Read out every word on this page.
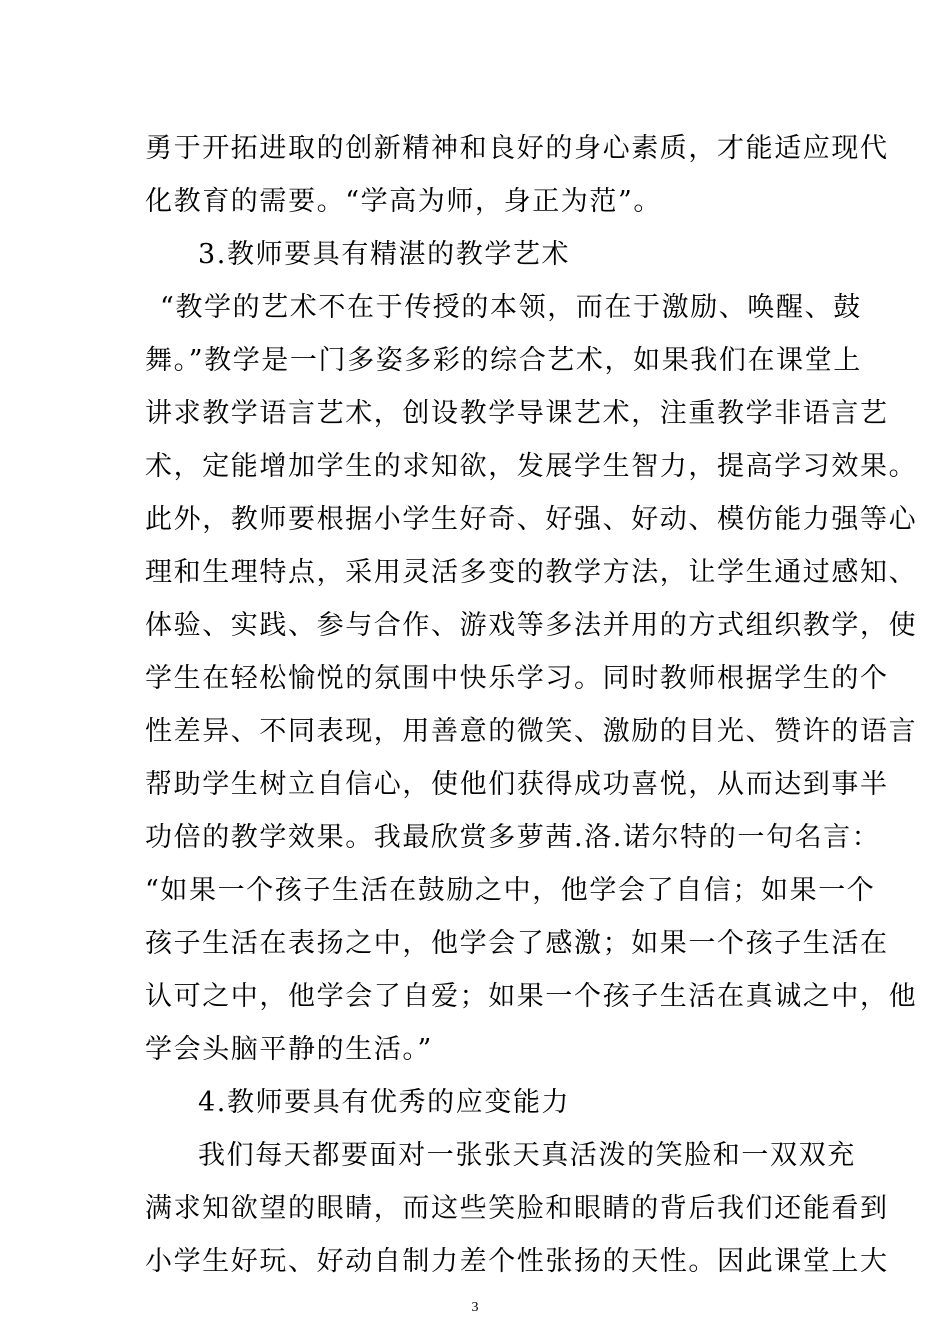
勇于开拓进取的创新精神和良好的身心素质，才能适应现代
化教育的需要。“学高为师，身正为范”。
3.教师要具有精湛的教学艺术
“教学的艺术不在于传授的本领，而在于激励、唤醒、鼓
舞。”教学是一门多姿多彩的综合艺术，如果我们在课堂上
讲求教学语言艺术，创设教学导课艺术，注重教学非语言艺
术，定能增加学生的求知欲，发展学生智力，提高学习效果。
此外，教师要根据小学生好奇、好强、好动、模仿能力强等心
理和生理特点，采用灵活多变的教学方法，让学生通过感知、
体验、实践、参与合作、游戏等多法并用的方式组织教学，使
学生在轻松愉悦的氛围中快乐学习。同时教师根据学生的个
性差异、不同表现，用善意的微笑、激励的目光、赞许的语言
帮助学生树立自信心，使他们获得成功喜悦，从而达到事半
功倍的教学效果。我最欣赏多萝茜.洛.诺尔特的一句名言：
“如果一个孩子生活在鼓励之中，他学会了自信；如果一个
孩子生活在表扬之中，他学会了感激；如果一个孩子生活在
认可之中，他学会了自爱；如果一个孩子生活在真诚之中，他
学会头脑平静的生活。”
4.教师要具有优秀的应变能力
我们每天都要面对一张张天真活泼的笑脸和一双双充
满求知欲望的眼睛，而这些笑脸和眼睛的背后我们还能看到
小学生好玩、好动自制力差个性张扬的天性。因此课堂上大
3
